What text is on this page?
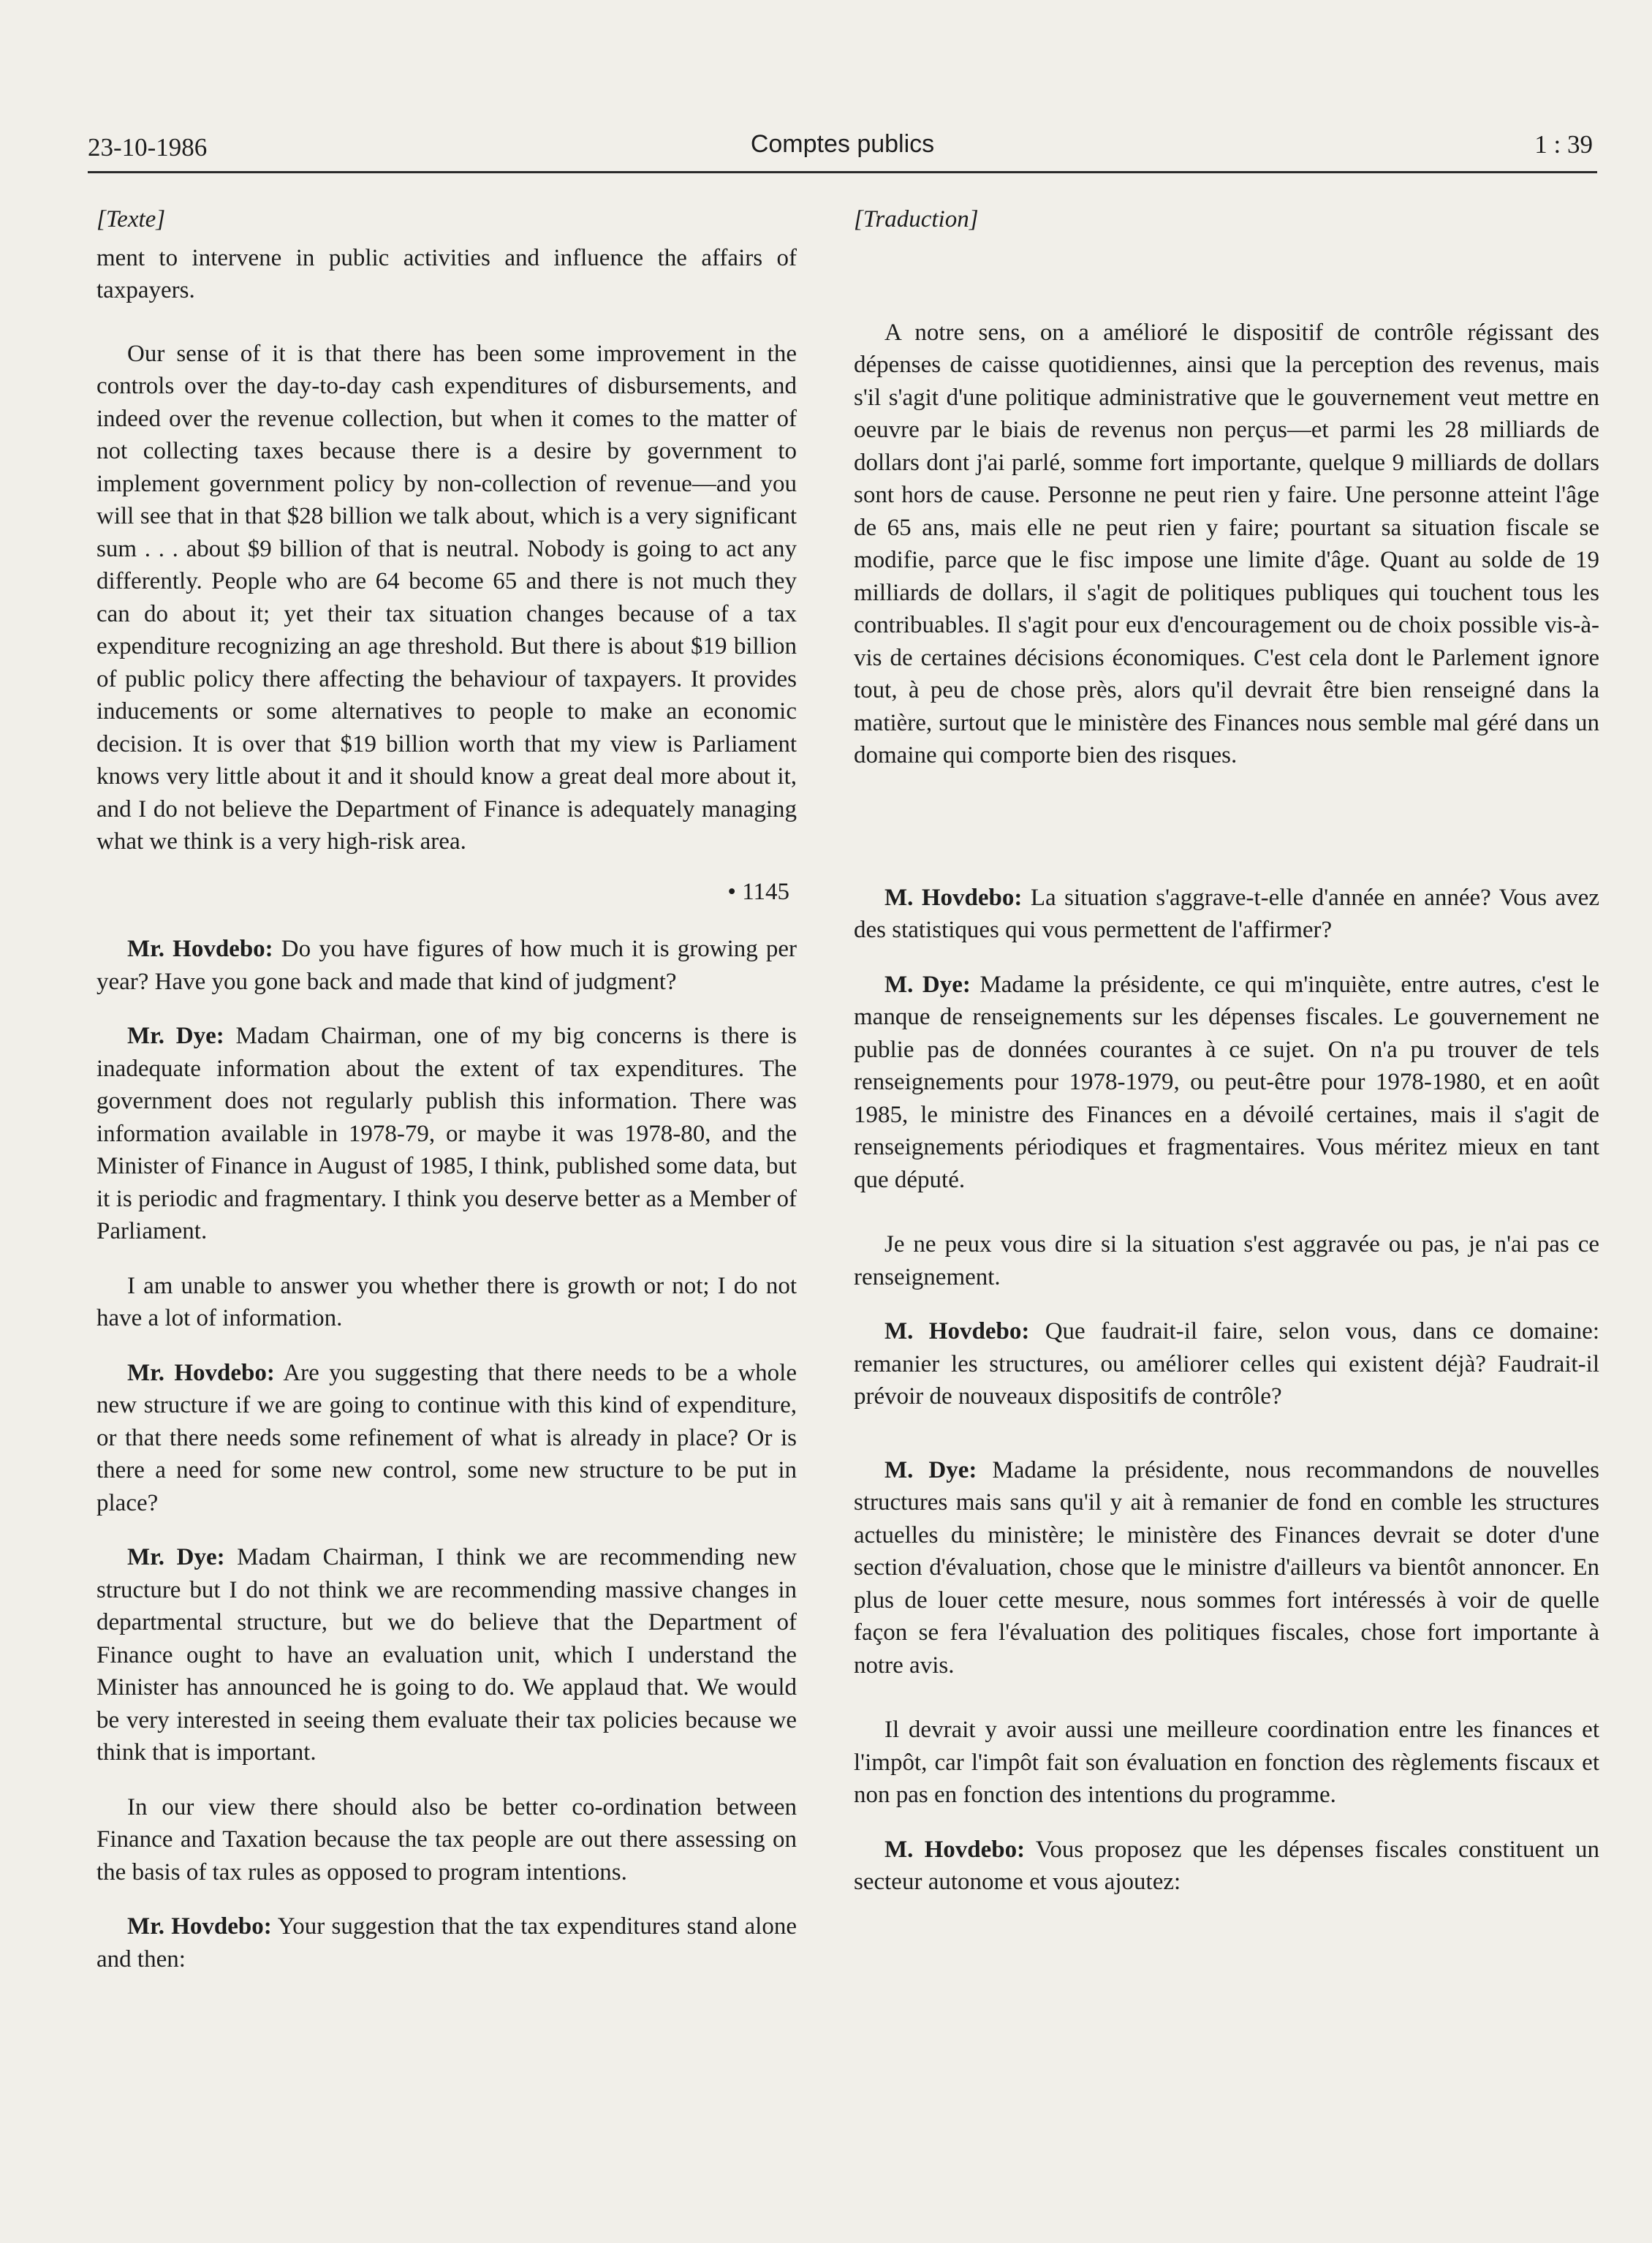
23-10-1986	Comptes publics	1 : 39

[Texte]

ment to intervene in public activities and influence the affairs of taxpayers.

Our sense of it is that there has been some improvement in the controls over the day-to-day cash expenditures of disbursements, and indeed over the revenue collection, but when it comes to the matter of not collecting taxes because there is a desire by government to implement government policy by non-collection of revenue—and you will see that in that $28 billion we talk about, which is a very significant sum . . . about $9 billion of that is neutral. Nobody is going to act any differently. People who are 64 become 65 and there is not much they can do about it; yet their tax situation changes because of a tax expenditure recognizing an age threshold. But there is about $19 billion of public policy there affecting the behaviour of taxpayers. It provides inducements or some alternatives to people to make an economic decision. It is over that $19 billion worth that my view is Parliament knows very little about it and it should know a great deal more about it, and I do not believe the Department of Finance is adequately managing what we think is a very high-risk area.

• 1145

Mr. Hovdebo: Do you have figures of how much it is growing per year? Have you gone back and made that kind of judgment?

Mr. Dye: Madam Chairman, one of my big concerns is there is inadequate information about the extent of tax expenditures. The government does not regularly publish this information. There was information available in 1978-79, or maybe it was 1978-80, and the Minister of Finance in August of 1985, I think, published some data, but it is periodic and fragmentary. I think you deserve better as a Member of Parliament.

I am unable to answer you whether there is growth or not; I do not have a lot of information.

Mr. Hovdebo: Are you suggesting that there needs to be a whole new structure if we are going to continue with this kind of expenditure, or that there needs some refinement of what is already in place? Or is there a need for some new control, some new structure to be put in place?

Mr. Dye: Madam Chairman, I think we are recommending new structure but I do not think we are recommending massive changes in departmental structure, but we do believe that the Department of Finance ought to have an evaluation unit, which I understand the Minister has announced he is going to do. We applaud that. We would be very interested in seeing them evaluate their tax policies because we think that is important.

In our view there should also be better co-ordination between Finance and Taxation because the tax people are out there assessing on the basis of tax rules as opposed to program intentions.

Mr. Hovdebo: Your suggestion that the tax expenditures stand alone and then:

[Traduction]

A notre sens, on a amélioré le dispositif de contrôle régissant des dépenses de caisse quotidiennes, ainsi que la perception des revenus, mais s'il s'agit d'une politique administrative que le gouvernement veut mettre en oeuvre par le biais de revenus non perçus—et parmi les 28 milliards de dollars dont j'ai parlé, somme fort importante, quelque 9 milliards de dollars sont hors de cause. Personne ne peut rien y faire. Une personne atteint l'âge de 65 ans, mais elle ne peut rien y faire; pourtant sa situation fiscale se modifie, parce que le fisc impose une limite d'âge. Quant au solde de 19 milliards de dollars, il s'agit de politiques publiques qui touchent tous les contribuables. Il s'agit pour eux d'encouragement ou de choix possible vis-à-vis de certaines décisions économiques. C'est cela dont le Parlement ignore tout, à peu de chose près, alors qu'il devrait être bien renseigné dans la matière, surtout que le ministère des Finances nous semble mal géré dans un domaine qui comporte bien des risques.

M. Hovdebo: La situation s'aggrave-t-elle d'année en année? Vous avez des statistiques qui vous permettent de l'affirmer?

M. Dye: Madame la présidente, ce qui m'inquiète, entre autres, c'est le manque de renseignements sur les dépenses fiscales. Le gouvernement ne publie pas de données courantes à ce sujet. On n'a pu trouver de tels renseignements pour 1978-1979, ou peut-être pour 1978-1980, et en août 1985, le ministre des Finances en a dévoilé certaines, mais il s'agit de renseignements périodiques et fragmentaires. Vous méritez mieux en tant que député.

Je ne peux vous dire si la situation s'est aggravée ou pas, je n'ai pas ce renseignement.

M. Hovdebo: Que faudrait-il faire, selon vous, dans ce domaine: remanier les structures, ou améliorer celles qui existent déjà? Faudrait-il prévoir de nouveaux dispositifs de contrôle?

M. Dye: Madame la présidente, nous recommandons de nouvelles structures mais sans qu'il y ait à remanier de fond en comble les structures actuelles du ministère; le ministère des Finances devrait se doter d'une section d'évaluation, chose que le ministre d'ailleurs va bientôt annoncer. En plus de louer cette mesure, nous sommes fort intéressés à voir de quelle façon se fera l'évaluation des politiques fiscales, chose fort importante à notre avis.

Il devrait y avoir aussi une meilleure coordination entre les finances et l'impôt, car l'impôt fait son évaluation en fonction des règlements fiscaux et non pas en fonction des intentions du programme.

M. Hovdebo: Vous proposez que les dépenses fiscales constituent un secteur autonome et vous ajoutez:
